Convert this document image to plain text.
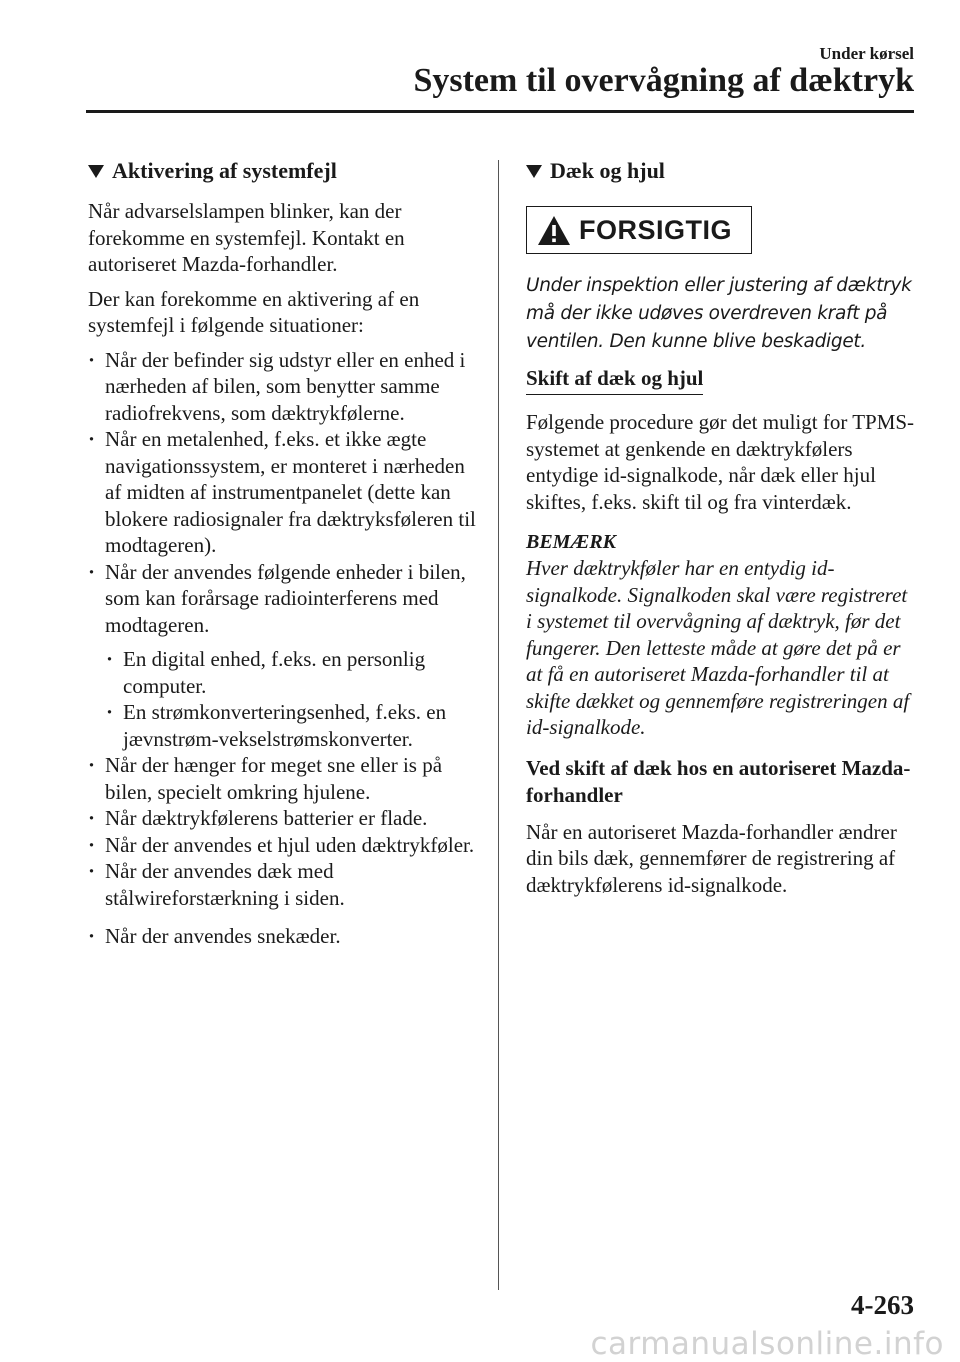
Under kørsel
System til overvågning af dæktryk
Aktivering af systemfejl

Når advarselslampen blinker, kan der forekomme en systemfejl. Kontakt en autoriseret Mazda-forhandler.

Der kan forekomme en aktivering af en systemfejl i følgende situationer:

· Når der befinder sig udstyr eller en enhed i nærheden af bilen, som benytter samme radiofrekvens, som dæktrykfølerne.
· Når en metalenhed, f.eks. et ikke ægte navigationssystem, er monteret i nærheden af midten af instrumentpanelet (dette kan blokere radiosignaler fra dæktryksføleren til modtageren).
· Når der anvendes følgende enheder i bilen, som kan forårsage radiointerferens med modtageren.
· En digital enhed, f.eks. en personlig computer.
· En strømkonverteringsenhed, f.eks. en jævnstrøm-vekselstrømskonverter.
· Når der hænger for meget sne eller is på bilen, specielt omkring hjulene.
· Når dæktrykfølerens batterier er flade.
· Når der anvendes et hjul uden dæktrykføler.
· Når der anvendes dæk med stålwireforstærkning i siden.
· Når der anvendes snekæder.
Dæk og hjul
FORSIGTIG

Under inspektion eller justering af dæktryk må der ikke udøves overdreven kraft på ventilen. Den kunne blive beskadiget.

Skift af dæk og hjul

Følgende procedure gør det muligt for TPMS-systemet at genkende en dæktrykfølers entydige id-signalkode, når dæk eller hjul skiftes, f.eks. skift til og fra vinterdæk.

BEMÆRK

Hver dæktrykføler har en entydig id-signalkode. Signalkoden skal være registreret i systemet til overvågning af dæktryk, før det fungerer. Den letteste måde at gøre det på er at få en autoriseret Mazda-forhandler til at skifte dækket og gennemføre registreringen af id-signalkode.

Ved skift af dæk hos en autoriseret Mazda-forhandler

Når en autoriseret Mazda-forhandler ændrer din bils dæk, gennemfører de registrering af dæktrykfølerens id-signalkode.

4-263
carmanualsonline.info
